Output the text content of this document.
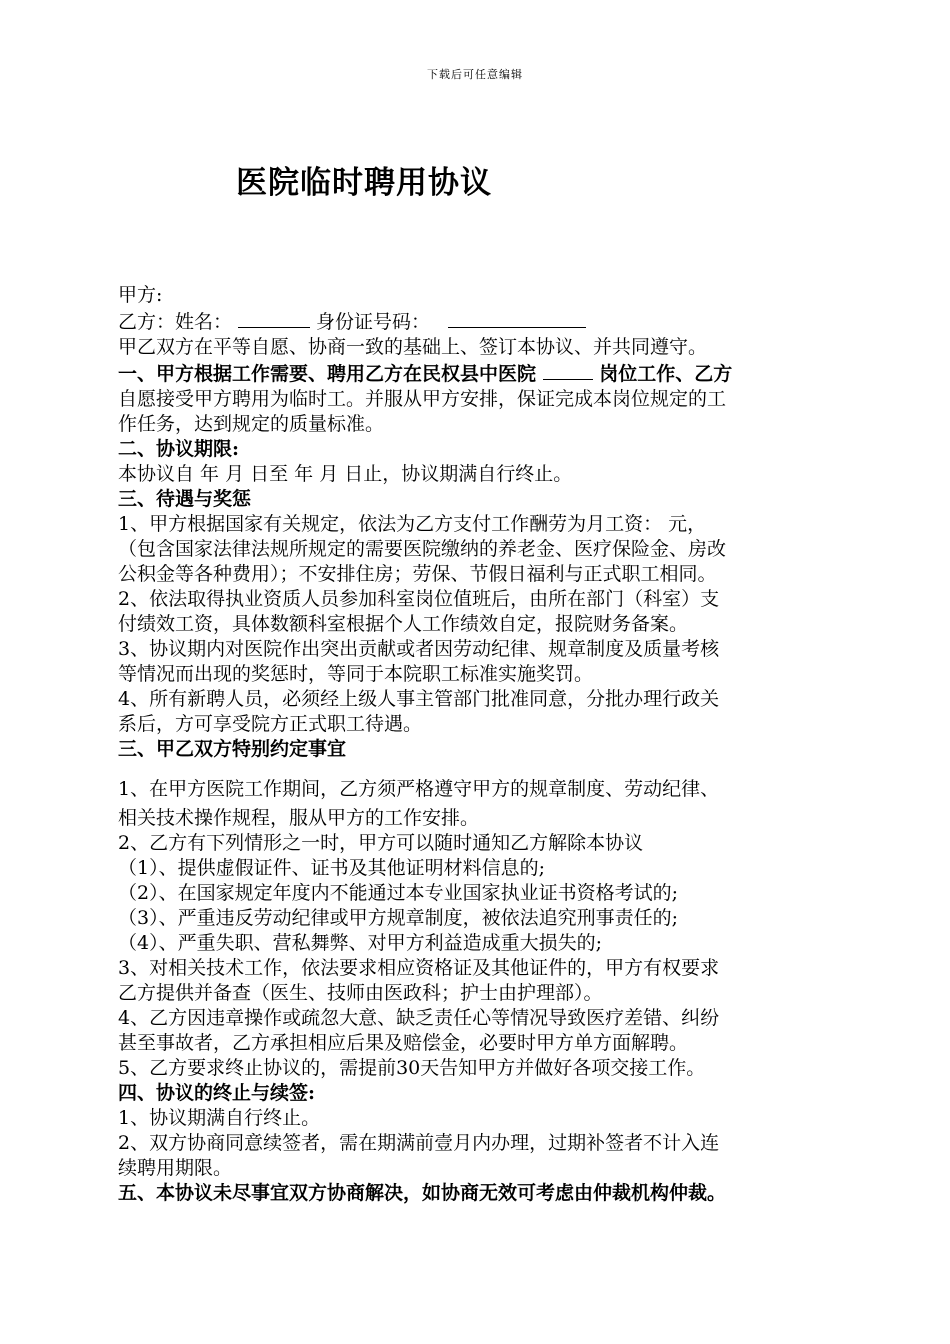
下载后可任意编辑
医院临时聘用协议
甲方:
乙方：姓名：	身份证号码：
甲乙双方在平等自愿、协商一致的基础上、签订本协议、并共同遵守。
一、甲方根据工作需要、聘用乙方在民权县中医院	岗位工作、乙方
自愿接受甲方聘用为临时工。并服从甲方安排，保证完成本岗位规定的工
作任务，达到规定的质量标准。
二、协议期限:
本协议自 年 月 日至 年 月 日止，协议期满自行终止。
三、待遇与奖惩
1、甲方根据国家有关规定，依法为乙方支付工作酬劳为月工资： 元，
（包含国家法律法规所规定的需要医院缴纳的养老金、医疗保险金、房改
公积金等各种费用）；不安排住房；劳保、节假日福利与正式职工相同。
2、依法取得执业资质人员参加科室岗位值班后，由所在部门（科室）支
付绩效工资，具体数额科室根据个人工作绩效自定，报院财务备案。
3、协议期内对医院作出突出贡献或者因劳动纪律、规章制度及质量考核
等情况而出现的奖惩时，等同于本院职工标准实施奖罚。
4、所有新聘人员，必须经上级人事主管部门批准同意，分批办理行政关
系后，方可享受院方正式职工待遇。
三、甲乙双方特别约定事宜
1、在甲方医院工作期间，乙方须严格遵守甲方的规章制度、劳动纪律、
相关技术操作规程，服从甲方的工作安排。
2、乙方有下列情形之一时，甲方可以随时通知乙方解除本协议
（1）、提供虚假证件、证书及其他证明材料信息的;
（2）、在国家规定年度内不能通过本专业国家执业证书资格考试的;
（3）、严重违反劳动纪律或甲方规章制度，被依法追究刑事责任的;
（4）、严重失职、营私舞弊、对甲方利益造成重大损失的;
3、对相关技术工作，依法要求相应资格证及其他证件的，甲方有权要求
乙方提供并备查（医生、技师由医政科；护士由护理部）。
4、乙方因违章操作或疏忽大意、缺乏责任心等情况导致医疗差错、纠纷
甚至事故者，乙方承担相应后果及赔偿金，必要时甲方单方面解聘。
5、乙方要求终止协议的，需提前30天告知甲方并做好各项交接工作。
四、协议的终止与续签:
1、协议期满自行终止。
2、双方协商同意续签者，需在期满前壹月内办理，过期补签者不计入连
续聘用期限。
五、本协议未尽事宜双方协商解决，如协商无效可考虑由仲裁机构仲裁。
